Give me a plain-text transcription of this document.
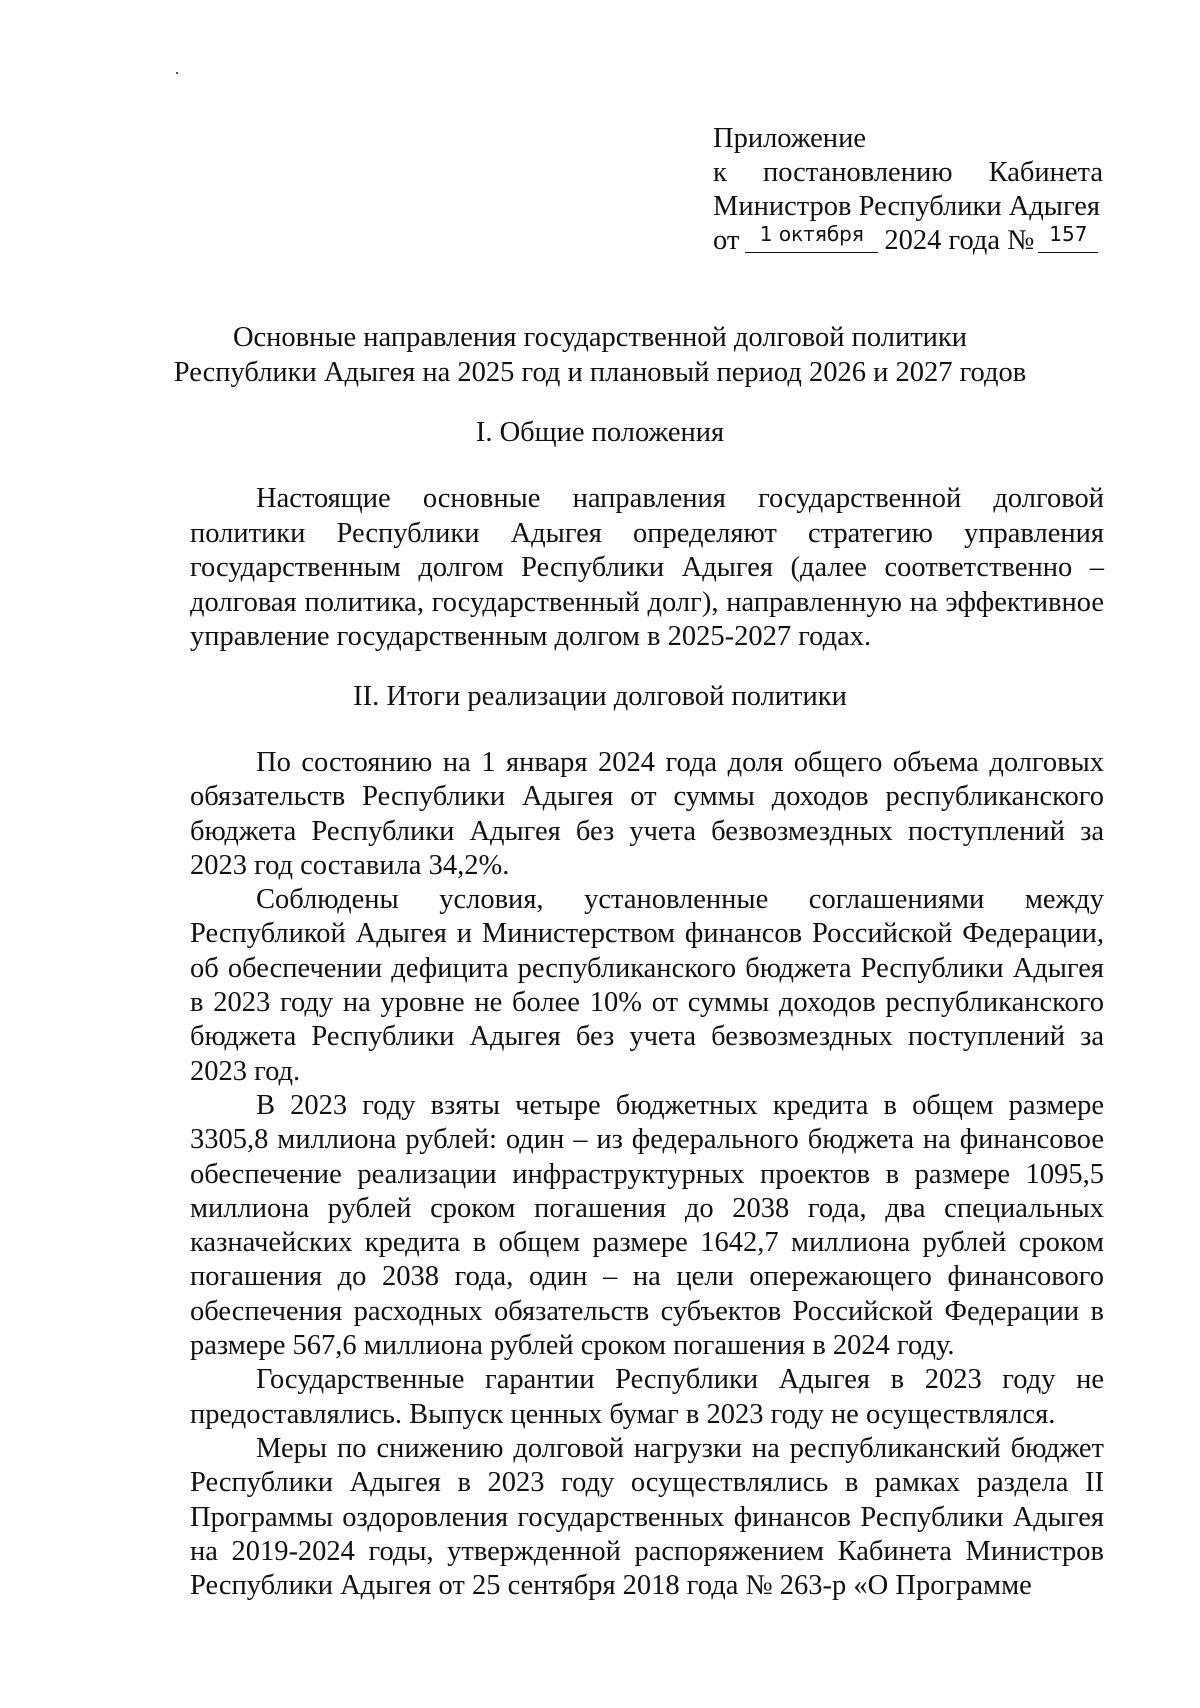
Приложение
к постановлению Кабинета
Министров Республики Адыгея
от $^{1 октября}$ 2024 года № $^{157}$
Основные направления государственной долговой политики
Республики Адыгея на 2025 год и плановый период 2026 и 2027 годов
I. Общие положения

Настоящие основные направления государственной долговой политики Республики Адыгея определяют стратегию управления государственным долгом Республики Адыгея (далее соответственно – долговая политика, государственный долг), направленную на эффективное управление государственным долгом в 2025-2027 годах.

II. Итоги реализации долговой политики

По состоянию на 1 января 2024 года доля общего объема долговых обязательств Республики Адыгея от суммы доходов республиканского бюджета Республики Адыгея без учета безвозмездных поступлений за 2023 год составила 34,2%.

Соблюдены условия, установленные соглашениями между Республикой Адыгея и Министерством финансов Российской Федерации, об обеспечении дефицита республиканского бюджета Республики Адыгея в 2023 году на уровне не более 10% от суммы доходов республиканского бюджета Республики Адыгея без учета безвозмездных поступлений за 2023 год.

В 2023 году взяты четыре бюджетных кредита в общем размере 3305,8 миллиона рублей: один – из федерального бюджета на финансовое обеспечение реализации инфраструктурных проектов в размере 1095,5 миллиона рублей сроком погашения до 2038 года, два специальных казначейских кредита в общем размере 1642,7 миллиона рублей сроком погашения до 2038 года, один – на цели опережающего финансового обеспечения расходных обязательств субъектов Российской Федерации в размере 567,6 миллиона рублей сроком погашения в 2024 году.

Государственные гарантии Республики Адыгея в 2023 году не предоставлялись. Выпуск ценных бумаг в 2023 году не осуществлялся.

Меры по снижению долговой нагрузки на республиканский бюджет Республики Адыгея в 2023 году осуществлялись в рамках раздела II Программы оздоровления государственных финансов Республики Адыгея на 2019-2024 годы, утвержденной распоряжением Кабинета Министров Республики Адыгея от 25 сентября 2018 года № 263-р «О Программе
